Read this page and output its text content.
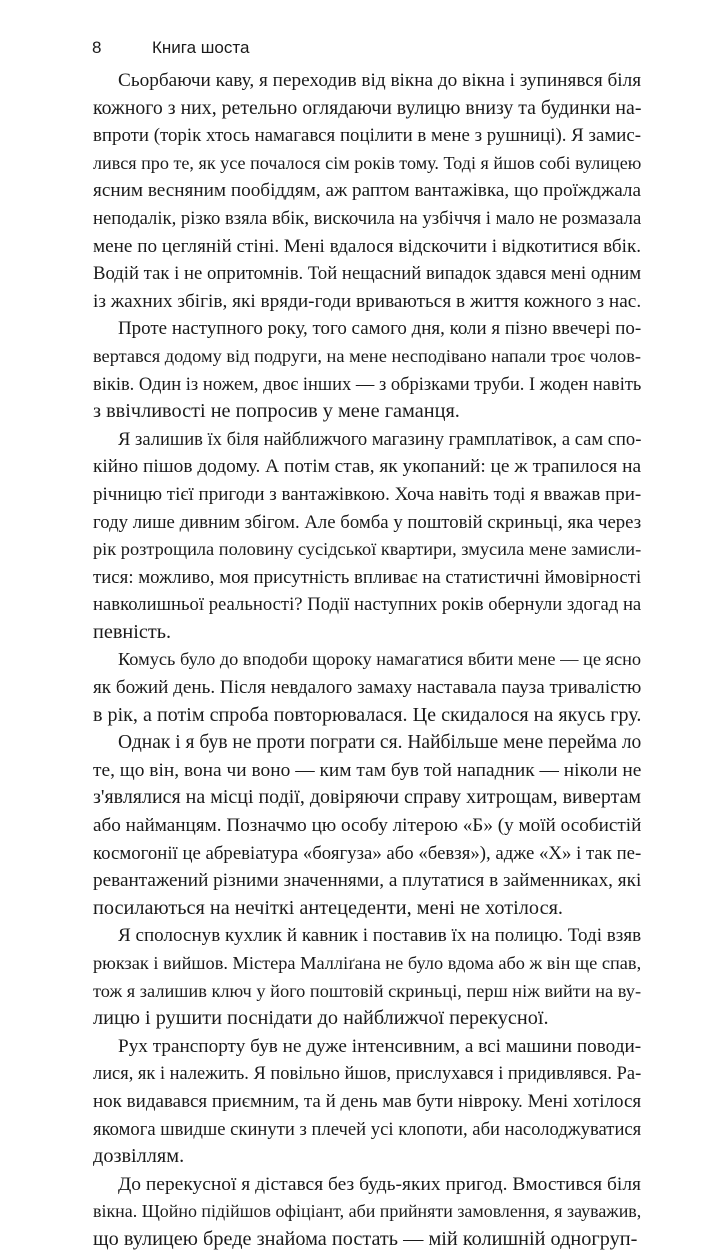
8	Книга шоста
Сьорбаючи каву, я переходив від вікна до вікна і зупинявся біля
кожного з них, ретельно оглядаючи вулицю внизу та будинки на-
впроти (торік хтось намагався поцілити в мене з рушниці). Я замис-
лився про те, як усе почалося сім років тому. Тоді я йшов собі вулицею
ясним весняним пообіддям, аж раптом вантажівка, що проїжджала
неподалік, різко взяла вбік, вискочила на узбіччя і мало не розмазала
мене по цегляній стіні. Мені вдалося відскочити і відкотитися вбік.
Водій так і не опритомнів. Той нещасний випадок здався мені одним
із жахних збігів, які вряди-годи вриваються в життя кожного з нас.
Проте наступного року, того самого дня, коли я пізно ввечері по-
вертався додому від подруги, на мене несподівано напали троє чолов-
віків. Один із ножем, двоє інших — з обрізками труби. І жоден навіть
з ввічливості не попросив у мене гаманця.
Я залишив їх біля найближчого магазину грамплатівок, а сам спо-
кійно пішов додому. А потім став, як укопаний: це ж трапилося на
річницю тієї пригоди з вантажівкою. Хоча навіть тоді я вважав при-
году лише дивним збігом. Але бомба у поштовій скриньці, яка через
рік розтрощила половину сусідської квартири, змусила мене замисли-
тися: можливо, моя присутність впливає на статистичні ймовірності
навколишньої реальності? Події наступних років обернули здогад на
певність.
Комусь було до вподоби щороку намагатися вбити мене — це ясно
як божий день. Після невдалого замаху наставала пауза тривалістю
в рік, а потім спроба повторювалася. Це скидалося на якусь гру.
Однак і я був не проти пограти ся. Найбільше мене перейма ло
те, що він, вона чи воно — ким там був той нападник — ніколи не
з'являлися на місці події, довіряючи справу хитрощам, вивертам
або найманцям. Позначмо цю особу літерою «Б» (у моїй особистій
космогонії це абревіатура «боягуза» або «бевзя»), адже «Х» і так пе-
ревантажений різними значеннями, а плутатися в займенниках, які
посилаються на нечіткі антецеденти, мені не хотілося.
Я сполоснув кухлик й кавник і поставив їх на полицю. Тоді взяв
рюкзак і вийшов. Містера Малліґана не було вдома або ж він ще спав,
тож я залишив ключ у його поштовій скриньці, перш ніж вийти на ву-
лицю і рушити поснідати до найближчої перекусної.
Рух транспорту був не дуже інтенсивним, а всі машини поводи-
лися, як і належить. Я повільно йшов, прислухався і придивлявся. Ра-
нок видавався приємним, та й день мав бути нівроку. Мені хотілося
якомога швидше скинути з плечей усі клопоти, аби насолоджуватися
дозвіллям.
До перекусної я дістався без будь-яких пригод. Вмостився біля
вікна. Щойно підійшов офіціант, аби прийняти замовлення, я зауважив,
що вулицею бреде знайома постать — мій колишній одногруп-
